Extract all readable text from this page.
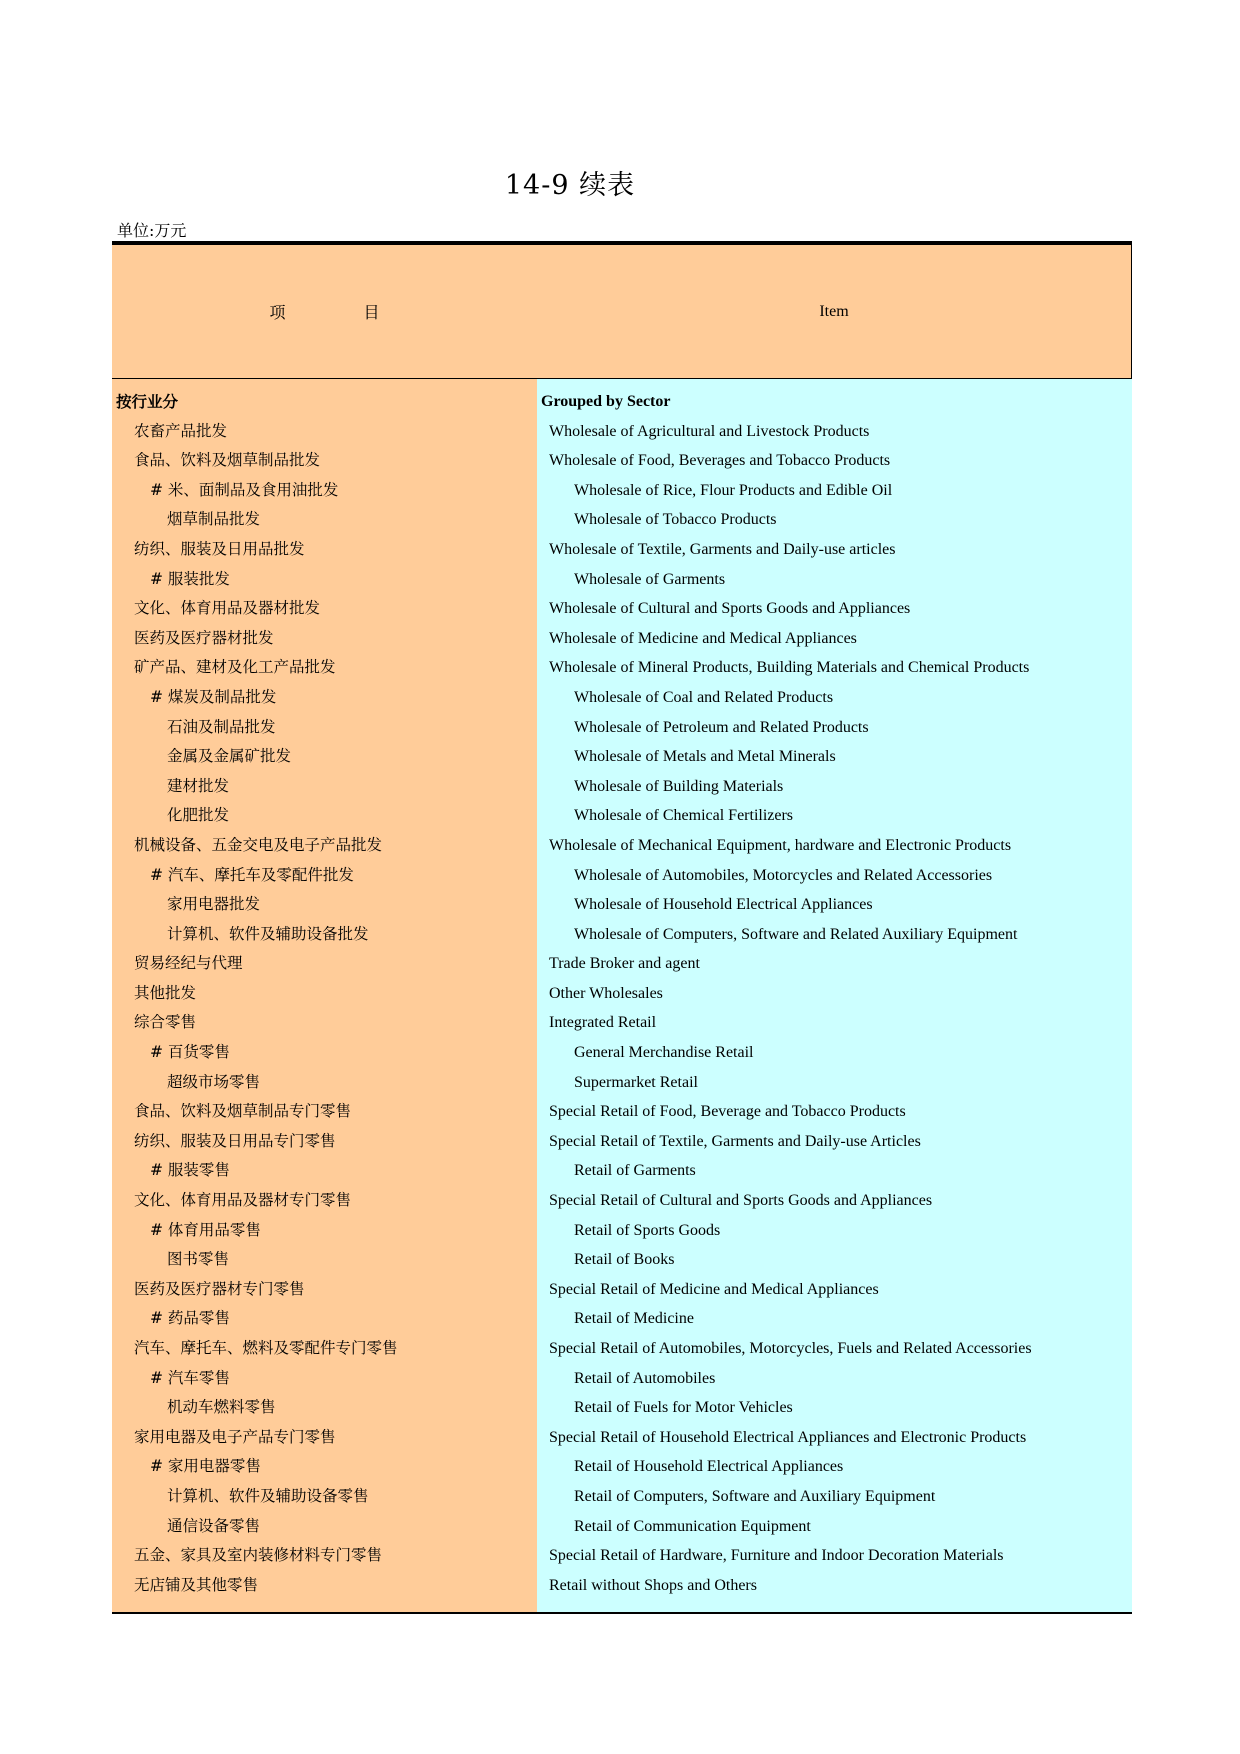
14-9 续表
单位:万元
项	目	Item
按行业分
农畜产品批发
食品、饮料及烟草制品批发
# 米、面制品及食用油批发
烟草制品批发
纺织、服装及日用品批发
# 服装批发
文化、体育用品及器材批发
医药及医疗器材批发
矿产品、建材及化工产品批发
# 煤炭及制品批发
石油及制品批发
金属及金属矿批发
建材批发
化肥批发
机械设备、五金交电及电子产品批发
# 汽车、摩托车及零配件批发
家用电器批发
计算机、软件及辅助设备批发
贸易经纪与代理
其他批发
综合零售
# 百货零售
超级市场零售
食品、饮料及烟草制品专门零售
纺织、服装及日用品专门零售
# 服装零售
文化、体育用品及器材专门零售
# 体育用品零售
图书零售
医药及医疗器材专门零售
# 药品零售
汽车、摩托车、燃料及零配件专门零售
# 汽车零售
机动车燃料零售
家用电器及电子产品专门零售
# 家用电器零售
计算机、软件及辅助设备零售
通信设备零售
五金、家具及室内装修材料专门零售
无店铺及其他零售
Grouped by Sector
Wholesale of Agricultural and Livestock Products
Wholesale of Food, Beverages and Tobacco Products
Wholesale of Rice, Flour Products and Edible Oil
Wholesale of Tobacco Products
Wholesale of Textile, Garments and Daily-use articles
Wholesale of Garments
Wholesale of Cultural and Sports Goods and Appliances
Wholesale of Medicine and Medical Appliances
Wholesale of Mineral Products, Building Materials and Chemical Products
Wholesale of Coal and Related Products
Wholesale of Petroleum and Related Products
Wholesale of Metals and Metal Minerals
Wholesale of Building Materials
Wholesale of Chemical Fertilizers
Wholesale of Mechanical Equipment, hardware and Electronic Products
Wholesale of Automobiles, Motorcycles and Related Accessories
Wholesale of Household Electrical Appliances
Wholesale of Computers, Software and Related Auxiliary Equipment
Trade Broker and agent
Other Wholesales
Integrated Retail
General Merchandise Retail
Supermarket Retail
Special Retail of Food, Beverage and Tobacco Products
Special Retail of Textile, Garments and Daily-use Articles
Retail of Garments
Special Retail of Cultural and Sports Goods and Appliances
Retail of Sports Goods
Retail of Books
Special Retail of Medicine and Medical Appliances
Retail of Medicine
Special Retail of Automobiles, Motorcycles, Fuels and Related Accessories
Retail of Automobiles
Retail of Fuels for Motor Vehicles
Special Retail of Household Electrical Appliances and Electronic Products
Retail of Household Electrical Appliances
Retail of Computers, Software and Auxiliary Equipment
Retail of Communication Equipment
Special Retail of Hardware, Furniture and Indoor Decoration Materials
Retail without Shops and Others
